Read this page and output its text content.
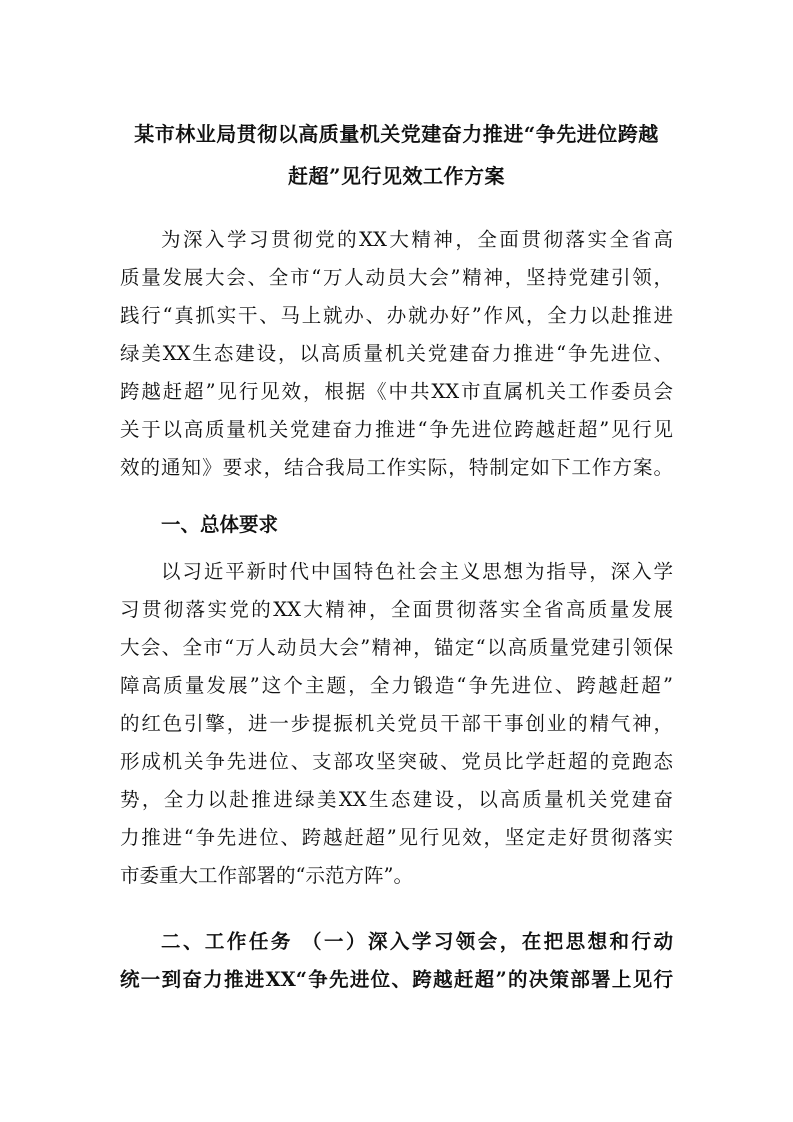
某市林业局贯彻以高质量机关党建奋力推进“争先进位跨越
赶超”见行见效工作方案
为深入学习贯彻党的XX大精神，全面贯彻落实全省高
质量发展大会、全市“万人动员大会”精神，坚持党建引领，
践行“真抓实干、马上就办、办就办好”作风，全力以赴推进
绿美XX生态建设，以高质量机关党建奋力推进“争先进位、
跨越赶超”见行见效，根据《中共XX市直属机关工作委员会
关于以高质量机关党建奋力推进“争先进位跨越赶超”见行见
效的通知》要求，结合我局工作实际，特制定如下工作方案。
一、总体要求
以习近平新时代中国特色社会主义思想为指导，深入学
习贯彻落实党的XX大精神，全面贯彻落实全省高质量发展
大会、全市“万人动员大会”精神，锚定“以高质量党建引领保
障高质量发展”这个主题，全力锻造“争先进位、跨越赶超”
的红色引擎，进一步提振机关党员干部干事创业的精气神，
形成机关争先进位、支部攻坚突破、党员比学赶超的竞跑态
势，全力以赴推进绿美XX生态建设，以高质量机关党建奋
力推进“争先进位、跨越赶超”见行见效，坚定走好贯彻落实
市委重大工作部署的“示范方阵”。
二、工作任务 （一）深入学习领会，在把思想和行动
统一到奋力推进XX“争先进位、跨越赶超”的决策部署上见行
